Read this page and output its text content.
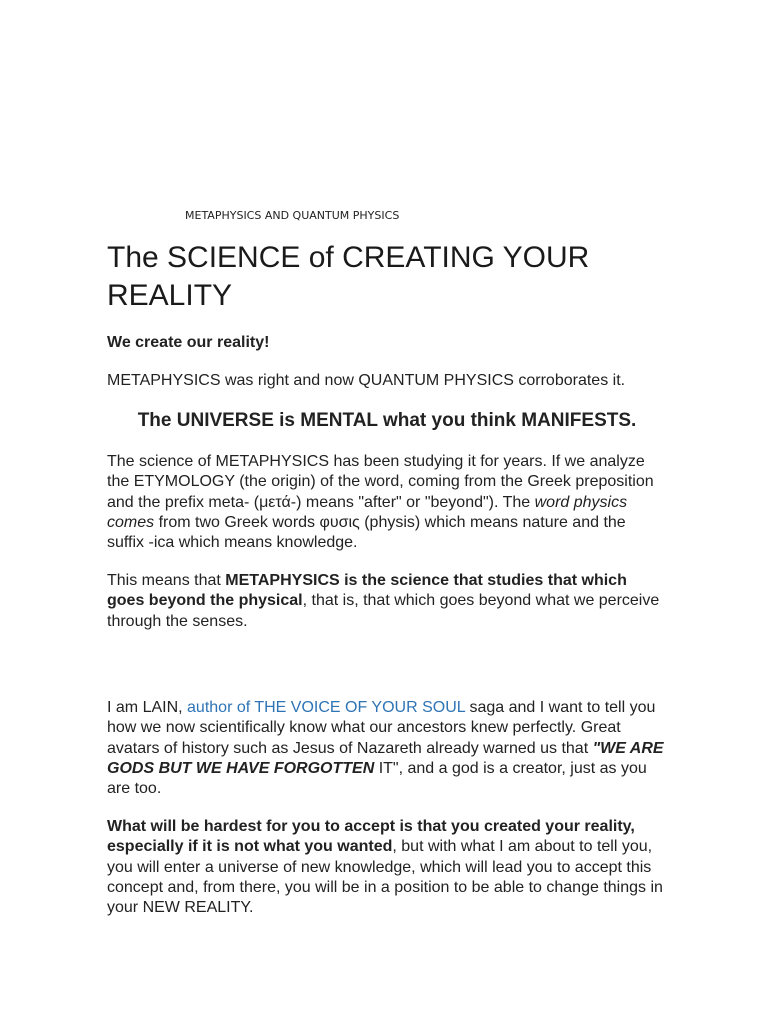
METAPHYSICS AND QUANTUM PHYSICS
The SCIENCE of CREATING YOUR REALITY

We create our reality!

METAPHYSICS was right and now QUANTUM PHYSICS corroborates it.

The UNIVERSE is MENTAL what you think MANIFESTS.

The science of METAPHYSICS has been studying it for years. If we analyze the ETYMOLOGY (the origin) of the word, coming from the Greek preposition and the prefix meta- (μετά-) means "after" or "beyond"). The word physics comes from two Greek words φυσις (physis) which means nature and the suffix -ica which means knowledge.

This means that METAPHYSICS is the science that studies that which goes beyond the physical, that is, that which goes beyond what we perceive through the senses.

I am LAIN, author of THE VOICE OF YOUR SOUL saga and I want to tell you how we now scientifically know what our ancestors knew perfectly. Great avatars of history such as Jesus of Nazareth already warned us that "WE ARE GODS BUT WE HAVE FORGOTTEN IT", and a god is a creator, just as you are too.

What will be hardest for you to accept is that you created your reality, especially if it is not what you wanted, but with what I am about to tell you, you will enter a universe of new knowledge, which will lead you to accept this concept and, from there, you will be in a position to be able to change things in your NEW REALITY.
